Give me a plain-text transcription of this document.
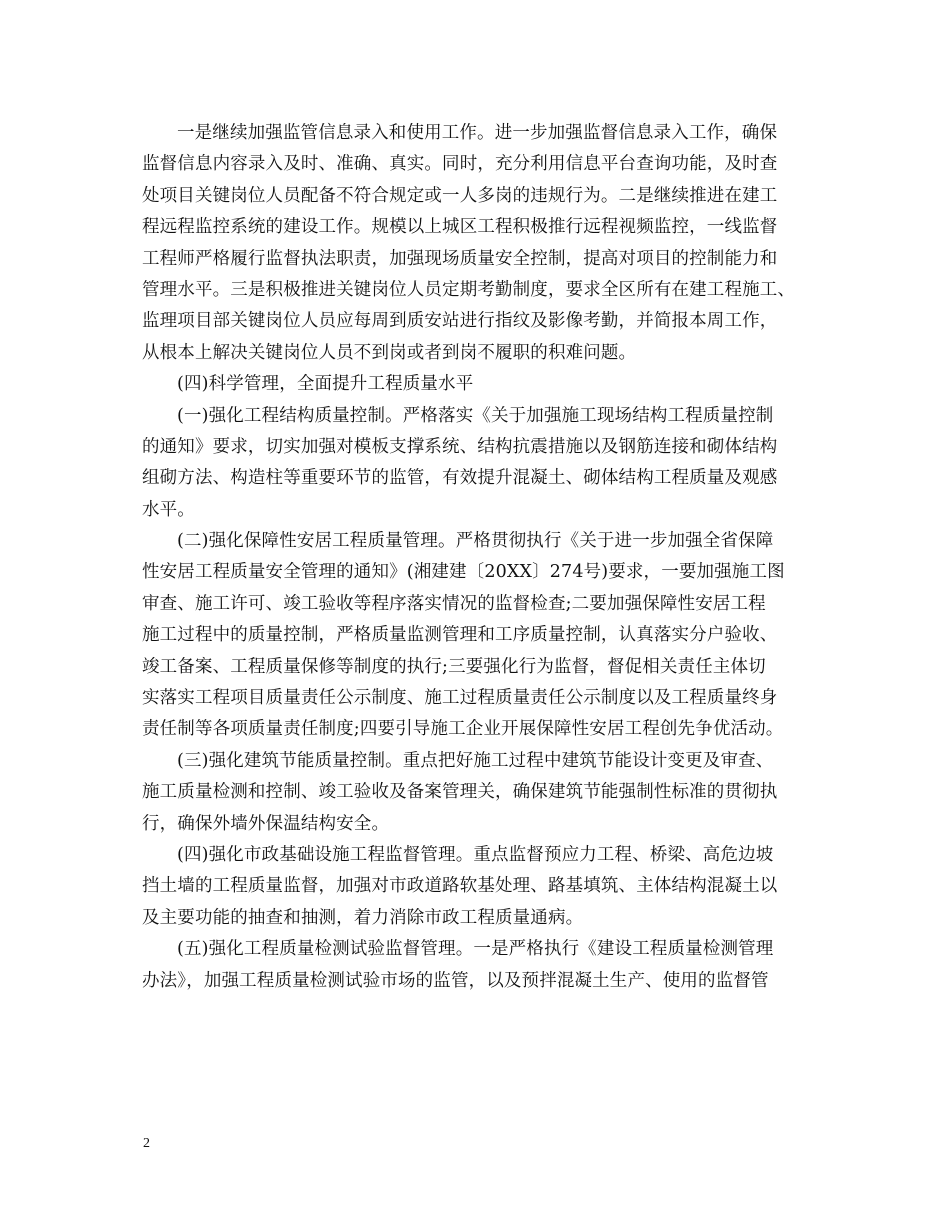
一是继续加强监管信息录入和使用工作。进一步加强监督信息录入工作，确保
监督信息内容录入及时、准确、真实。同时，充分利用信息平台查询功能，及时查
处项目关键岗位人员配备不符合规定或一人多岗的违规行为。二是继续推进在建工
程远程监控系统的建设工作。规模以上城区工程积极推行远程视频监控，一线监督
工程师严格履行监督执法职责，加强现场质量安全控制，提高对项目的控制能力和
管理水平。三是积极推进关键岗位人员定期考勤制度，要求全区所有在建工程施工、
监理项目部关键岗位人员应每周到质安站进行指纹及影像考勤，并简报本周工作，
从根本上解决关键岗位人员不到岗或者到岗不履职的积难问题。
(四)科学管理，全面提升工程质量水平
(一)强化工程结构质量控制。严格落实《关于加强施工现场结构工程质量控制
的通知》要求，切实加强对模板支撑系统、结构抗震措施以及钢筋连接和砌体结构
组砌方法、构造柱等重要环节的监管，有效提升混凝土、砌体结构工程质量及观感
水平。
(二)强化保障性安居工程质量管理。严格贯彻执行《关于进一步加强全省保障
性安居工程质量安全管理的通知》(湘建建〔20XX〕274号)要求，一要加强施工图
审查、施工许可、竣工验收等程序落实情况的监督检查;二要加强保障性安居工程
施工过程中的质量控制，严格质量监测管理和工序质量控制，认真落实分户验收、
竣工备案、工程质量保修等制度的执行;三要强化行为监督，督促相关责任主体切
实落实工程项目质量责任公示制度、施工过程质量责任公示制度以及工程质量终身
责任制等各项质量责任制度;四要引导施工企业开展保障性安居工程创先争优活动。
(三)强化建筑节能质量控制。重点把好施工过程中建筑节能设计变更及审查、
施工质量检测和控制、竣工验收及备案管理关，确保建筑节能强制性标准的贯彻执
行，确保外墙外保温结构安全。
(四)强化市政基础设施工程监督管理。重点监督预应力工程、桥梁、高危边坡
挡土墙的工程质量监督，加强对市政道路软基处理、路基填筑、主体结构混凝土以
及主要功能的抽查和抽测，着力消除市政工程质量通病。
(五)强化工程质量检测试验监督管理。一是严格执行《建设工程质量检测管理
办法》，加强工程质量检测试验市场的监管，以及预拌混凝土生产、使用的监督管
2
